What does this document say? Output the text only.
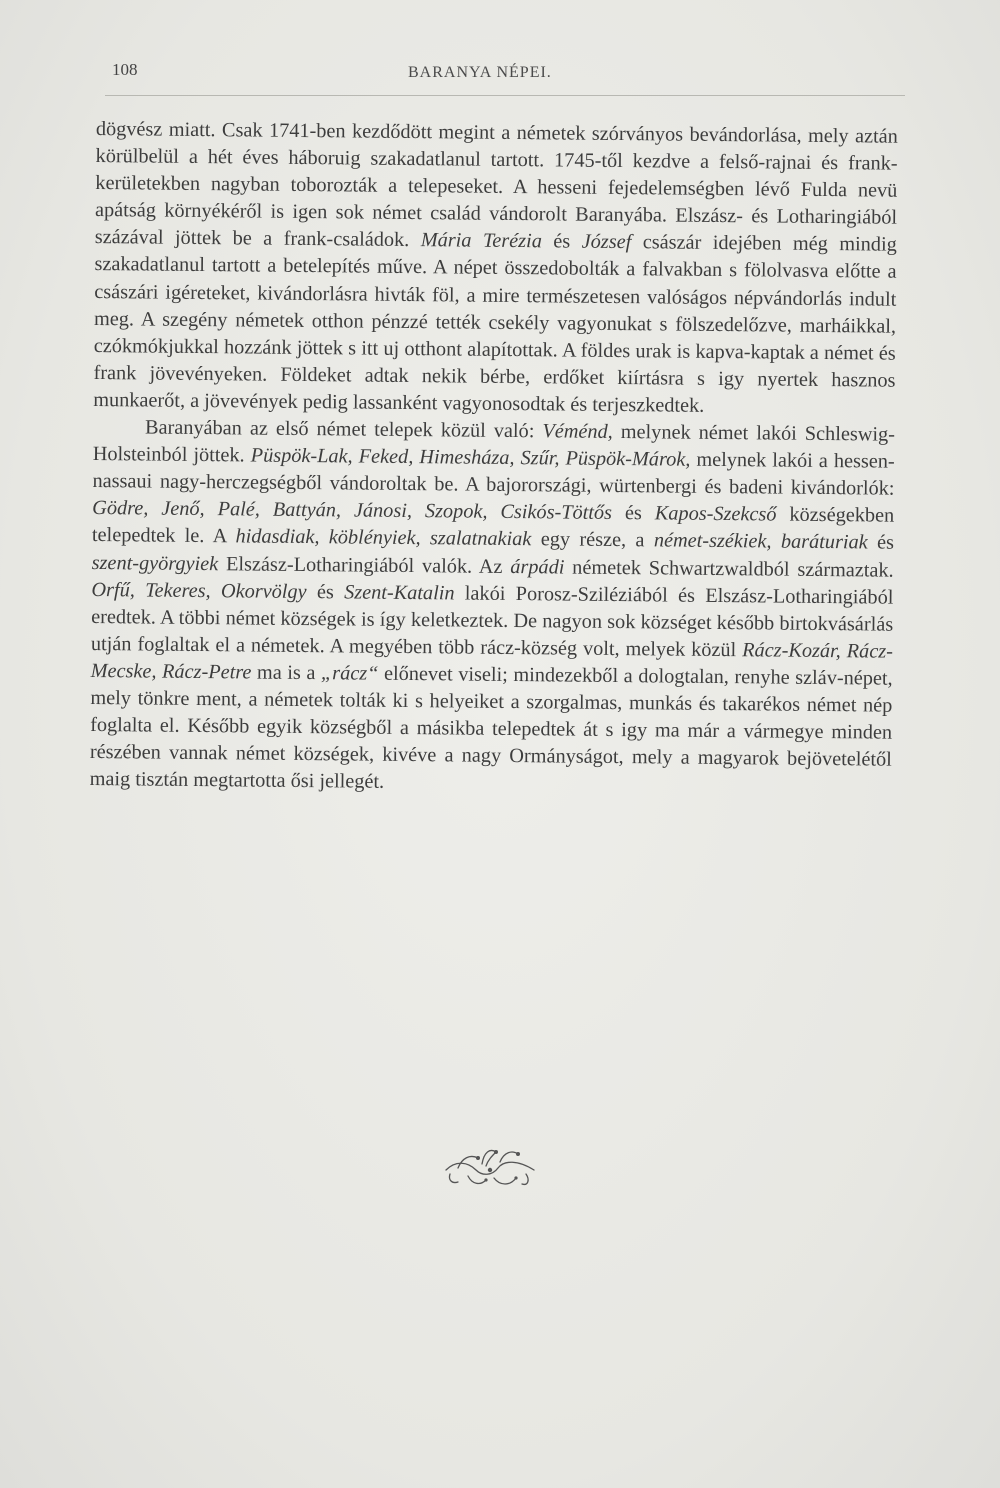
108	BARANYA NÉPEI.

dögvész miatt. Csak 1741-ben kezdődött megint a németek szórványos bevándorlása, mely aztán körülbelül a hét éves háboruig szakadatlanul tartott. 1745-től kezdve a felső-rajnai és frank-kerületekben nagyban toborozták a telepeseket. A hesseni fejedelemségben lévő Fulda nevü apátság környékéről is igen sok német család vándorolt Baranyába. Elszász- és Lotharingiából százával jöttek be a frank-családok. Mária Terézia és József császár idejében még mindig szakadatlanul tartott a betelepítés műve. A népet összedobolták a falvakban s fölolvasva előtte a császári igéreteket, kivándorlásra hivták föl, a mire természetesen valóságos népvándorlás indult meg. A szegény németek otthon pénzzé tették csekély vagyonukat s fölszedelőzve, marháikkal, czókmókjukkal hozzánk jöttek s itt uj otthont alapítottak. A földes urak is kapva-kaptak a német és frank jövevényeken. Földeket adtak nekik bérbe, erdőket kiírtásra s igy nyertek hasznos munkaerőt, a jövevények pedig lassanként vagyonosodtak és terjeszkedtek.

Baranyában az első német telepek közül való: Véménd, melynek német lakói Schleswig-Holsteinból jöttek. Püspök-Lak, Feked, Himesháza, Szűr, Püspök-Márok, melynek lakói a hessen-nassaui nagy-herczegségből vándoroltak be. A bajorországi, würtenbergi és badeni kivándorlók: Gödre, Jenő, Palé, Battyán, Jánosi, Szopok, Csikós-Töttős és Kapos-Szekcső községekben telepedtek le. A hidasdiak, köblényiek, szalatnakiak egy része, a német-székiek, baráturiak és szent-györgyiek Elszász-Lotharingiából valók. Az árpádi németek Schwartzwaldból származtak. Orfű, Tekeres, Okorvölgy és Szent-Katalin lakói Porosz-Sziléziából és Elszász-Lotharingiából eredtek. A többi német községek is így keletkeztek. De nagyon sok községet később birtokvásárlás utján foglaltak el a németek. A megyében több rácz-község volt, melyek közül Rácz-Kozár, Rácz-Mecske, Rácz-Petre ma is a „rácz“ előnevet viseli; mindezekből a dologtalan, renyhe szláv-népet, mely tönkre ment, a németek tolták ki s helyeiket a szorgalmas, munkás és takarékos német nép foglalta el. Később egyik községből a másikba telepedtek át s igy ma már a vármegye minden részében vannak német községek, kivéve a nagy Ormányságot, mely a magyarok bejövetelétől maig tisztán megtartotta ősi jellegét.
